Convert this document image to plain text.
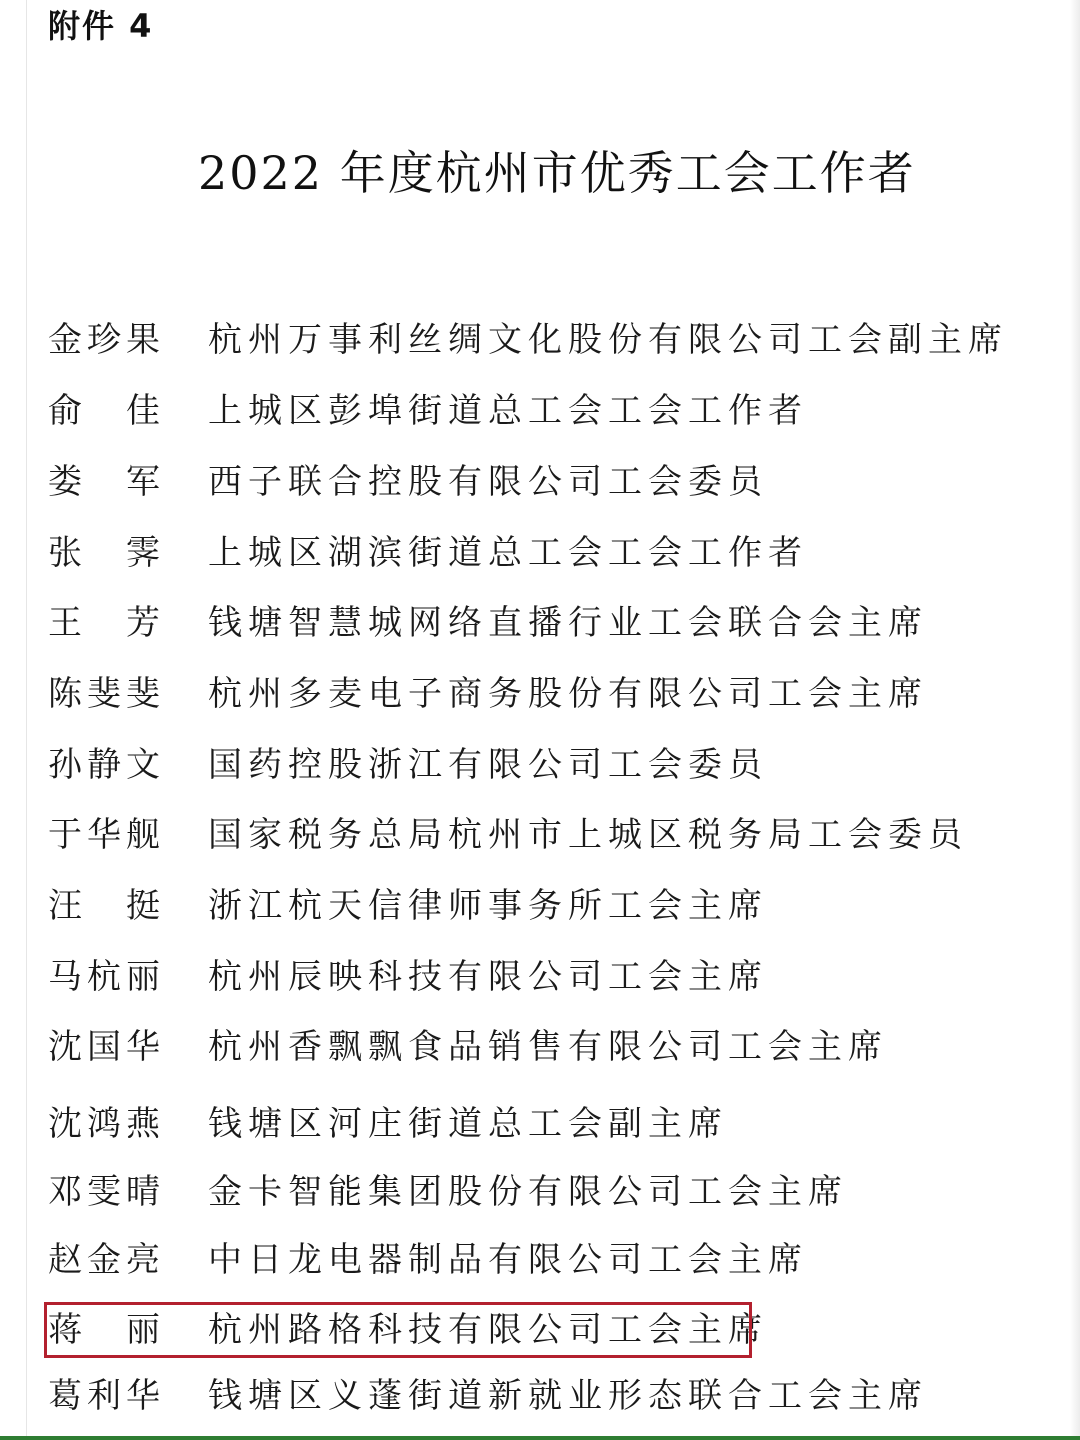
附件 4
2022 年度杭州市优秀工会工作者
金 珍 果 杭州万事利丝绸文化股份有限公司工会副主席
俞 佳 上城区彭埠街道总工会工会工作者
娄 军 西子联合控股有限公司工会委员
张 霁 上城区湖滨街道总工会工会工作者
王 芳 钱塘智慧城网络直播行业工会联合会主席
陈 斐 斐 杭州多麦电子商务股份有限公司工会主席
孙 静 文 国药控股浙江有限公司工会委员
于 华 舰 国家税务总局杭州市上城区税务局工会委员
汪 挺 浙江杭天信律师事务所工会主席
马 杭 丽 杭州辰映科技有限公司工会主席
沈 国 华 杭州香飘飘食品销售有限公司工会主席
沈 鸿 燕 钱塘区河庄街道总工会副主席
邓 雯 晴 金卡智能集团股份有限公司工会主席
赵 金 亮 中日龙电器制品有限公司工会主席
蒋 丽 杭州路格科技有限公司工会主席
葛 利 华 钱塘区义蓬街道新就业形态联合工会主席
